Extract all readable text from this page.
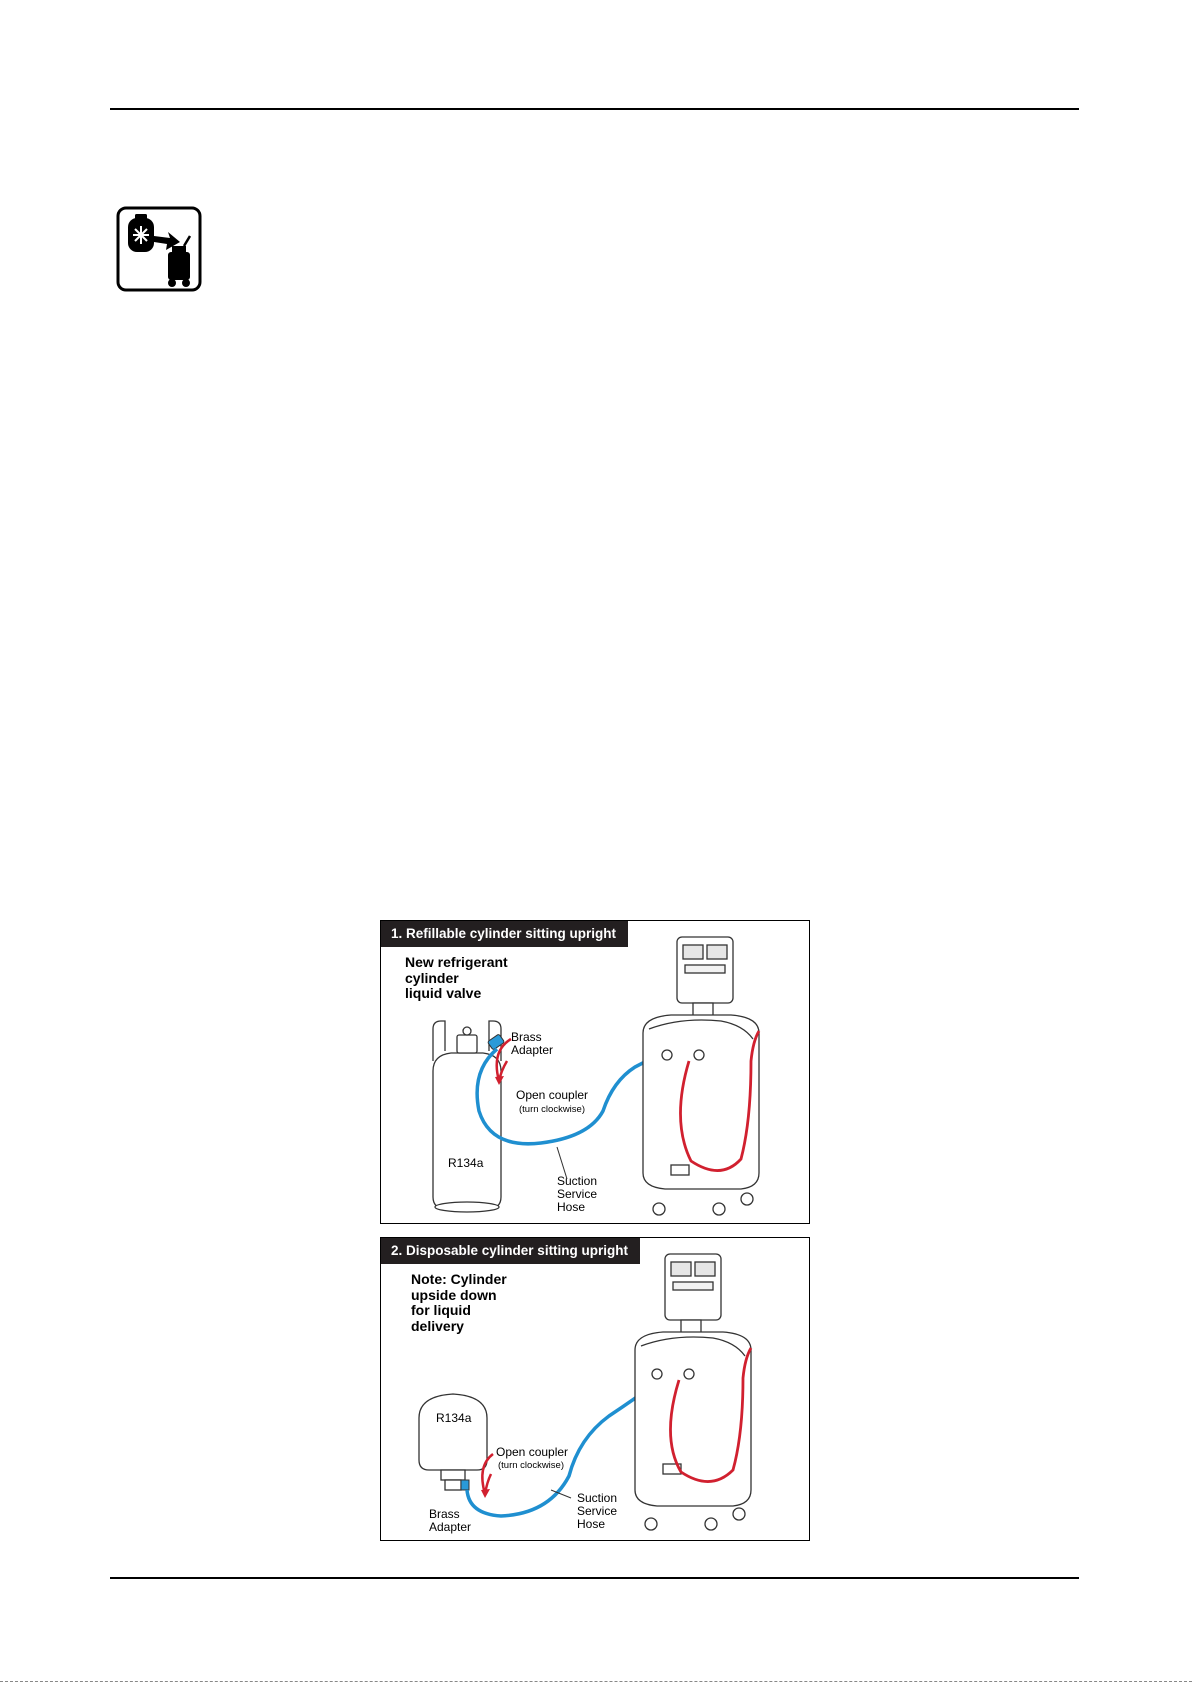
1. Refillable cylinder sitting upright
New refrigerant
cylinder
liquid valve
Brass
Adapter
Open coupler
(turn clockwise)
R134a
Suction
Service
Hose
2. Disposable cylinder sitting upright
Note: Cylinder
upside down
for liquid
delivery
R134a
Open coupler
(turn clockwise)
Brass
Adapter
Suction
Service
Hose
